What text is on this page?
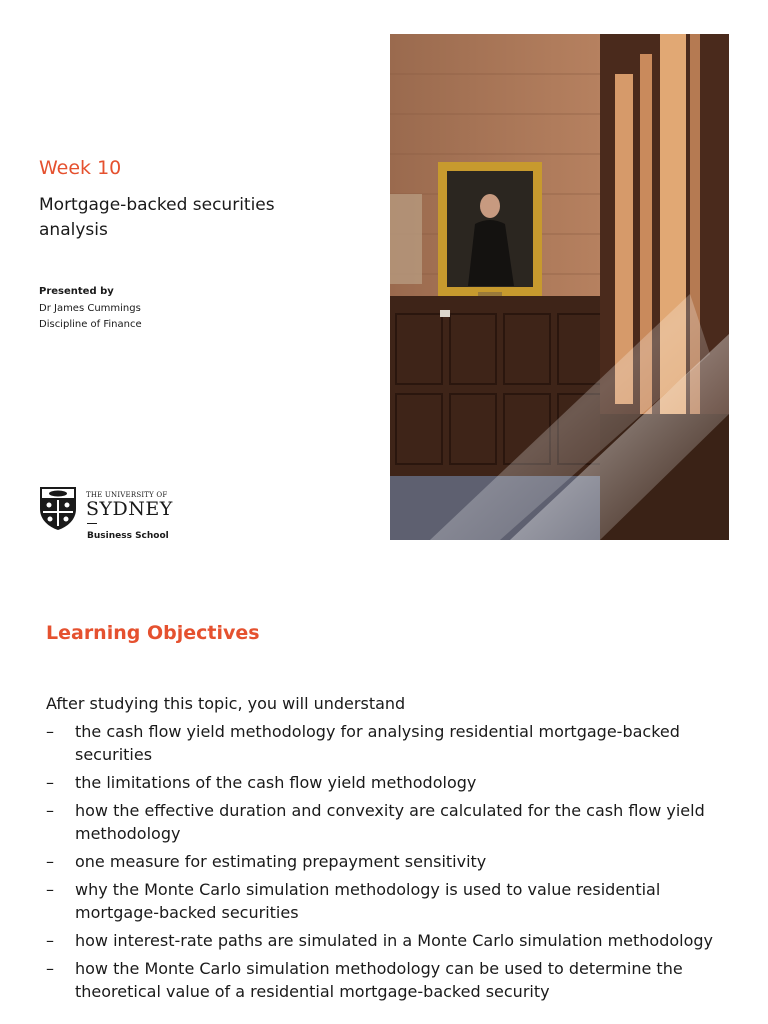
Week 10
Mortgage-backed securities analysis
Presented by
Dr James Cummings
Discipline of Finance
THE UNIVERSITY OF
SYDNEY
Business School
Learning Objectives
After studying this topic, you will understand
– the cash flow yield methodology for analysing residential mortgage-backed securities
– the limitations of the cash flow yield methodology
– how the effective duration and convexity are calculated for the cash flow yield methodology
– one measure for estimating prepayment sensitivity
– why the Monte Carlo simulation methodology is used to value residential mortgage-backed securities
– how interest-rate paths are simulated in a Monte Carlo simulation methodology
– how the Monte Carlo simulation methodology can be used to determine the theoretical value of a residential mortgage-backed security
